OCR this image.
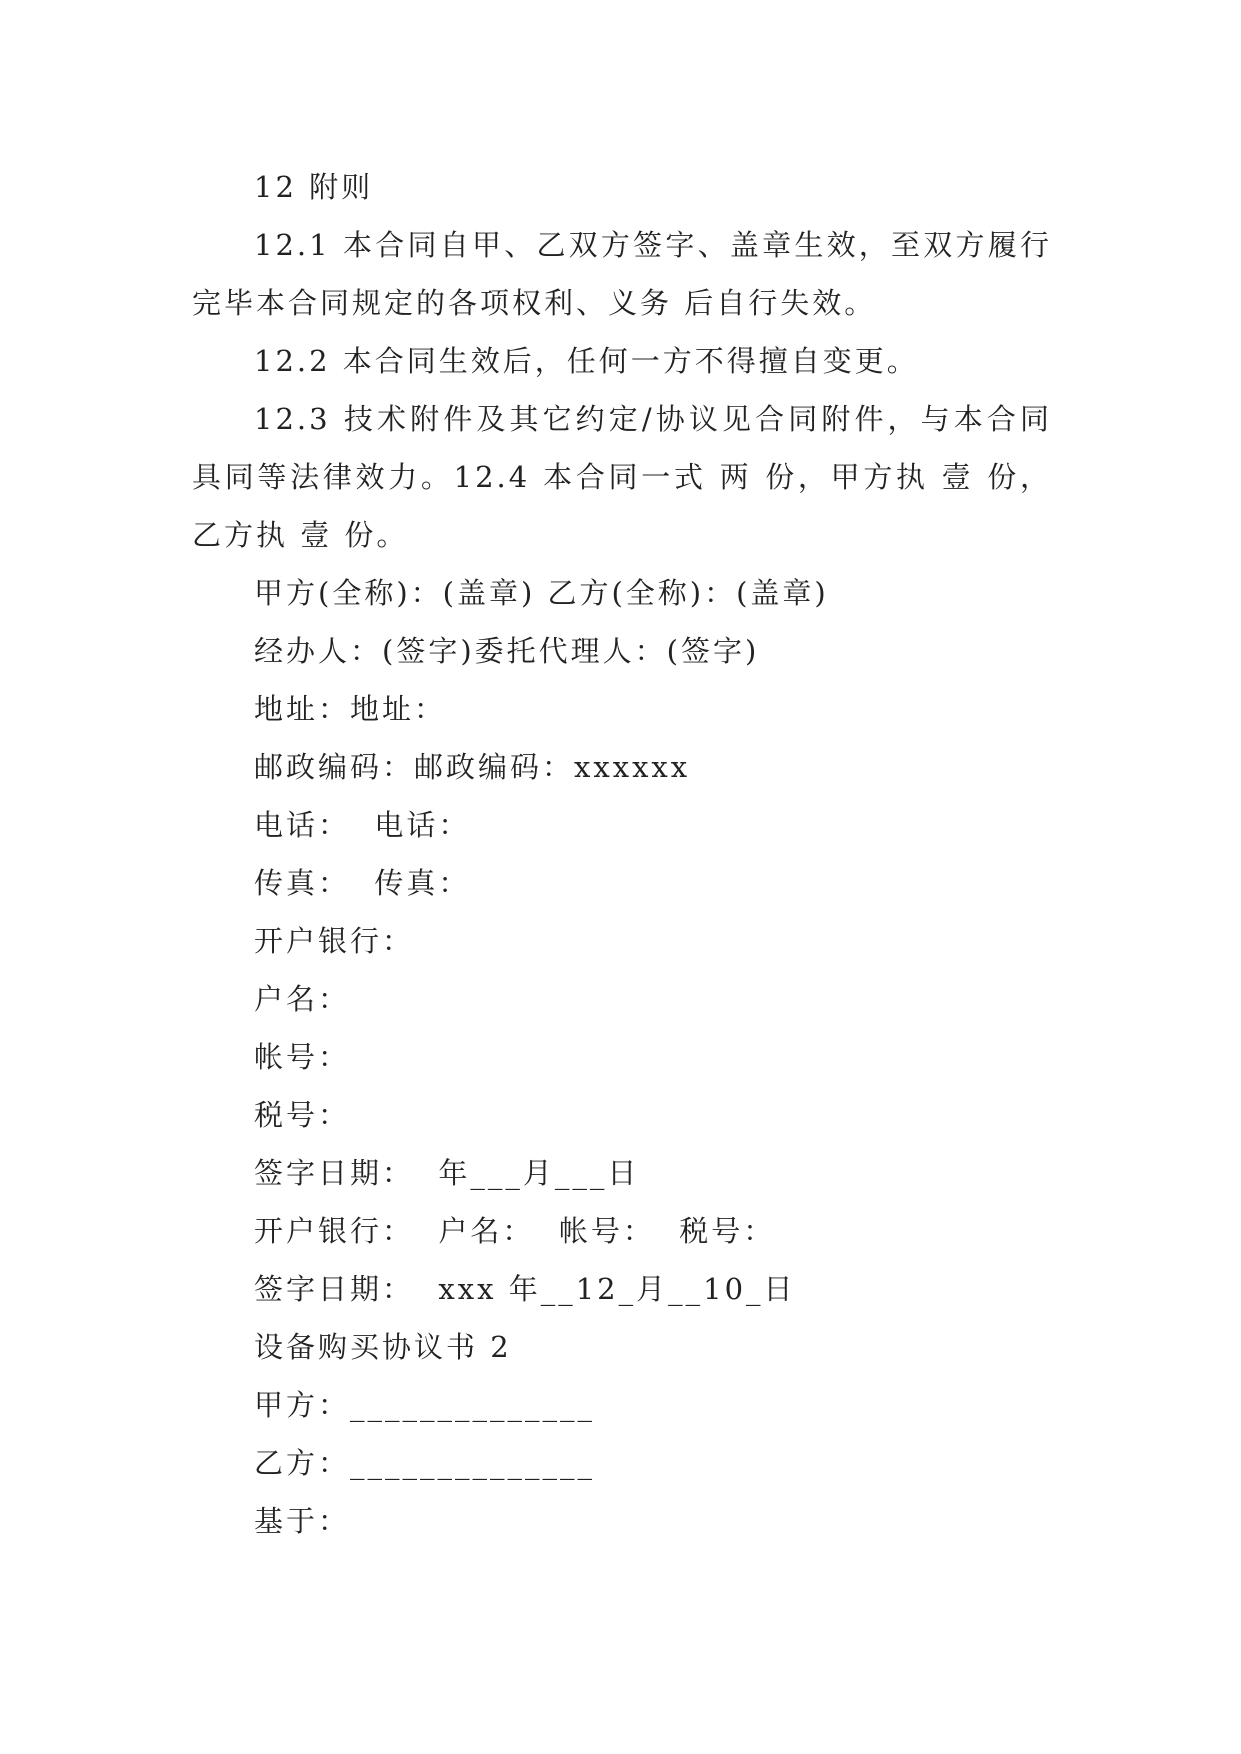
12 附则

12.1 本合同自甲、乙双方签字、盖章生效，至双方履行完毕本合同规定的各项权利、义务 后自行失效。

12.2 本合同生效后，任何一方不得擅自变更。

12.3 技术附件及其它约定/协议见合同附件，与本合同具同等法律效力。12.4 本合同一式 两 份，甲方执 壹 份，乙方执 壹 份。

甲方(全称)：(盖章) 乙方(全称)：(盖章)

经办人：(签字)委托代理人：(签字)

地址：地址：

邮政编码：邮政编码：xxxxxx

电话：  电话：

传真：  传真：

开户银行：

户名：

帐号：

税号：

签字日期：  年___月___日

开户银行：  户名：  帐号：  税号：

签字日期：  xxx 年__12_月__10_日

设备购买协议书 2

甲方：______________

乙方：______________

基于：
